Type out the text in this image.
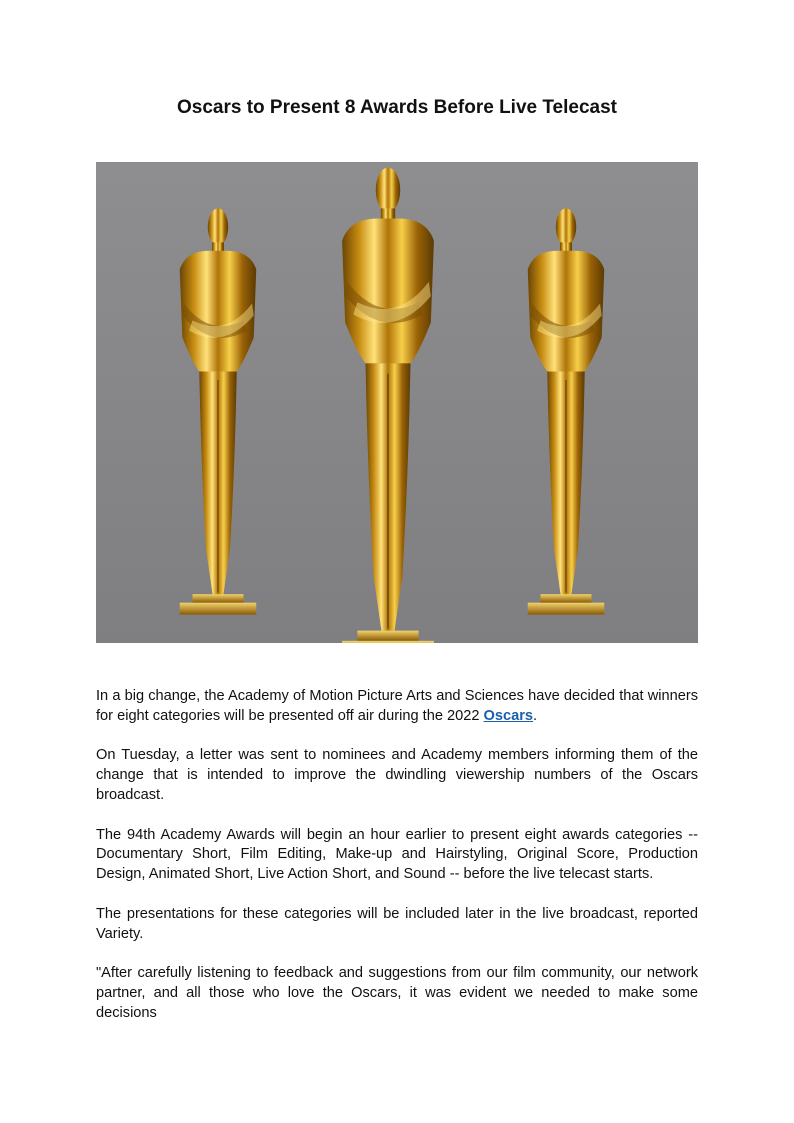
Oscars to Present 8 Awards Before Live Telecast

In a big change, the Academy of Motion Picture Arts and Sciences have decided that winners for eight categories will be presented off air during the 2022 Oscars.

On Tuesday, a letter was sent to nominees and Academy members informing them of the change that is intended to improve the dwindling viewership numbers of the Oscars broadcast.

The 94th Academy Awards will begin an hour earlier to present eight awards categories -- Documentary Short, Film Editing, Make-up and Hairstyling, Original Score, Production Design, Animated Short, Live Action Short, and Sound -- before the live telecast starts.

The presentations for these categories will be included later in the live broadcast, reported Variety.

"After carefully listening to feedback and suggestions from our film community, our network partner, and all those who love the Oscars, it was evident we needed to make some decisions
